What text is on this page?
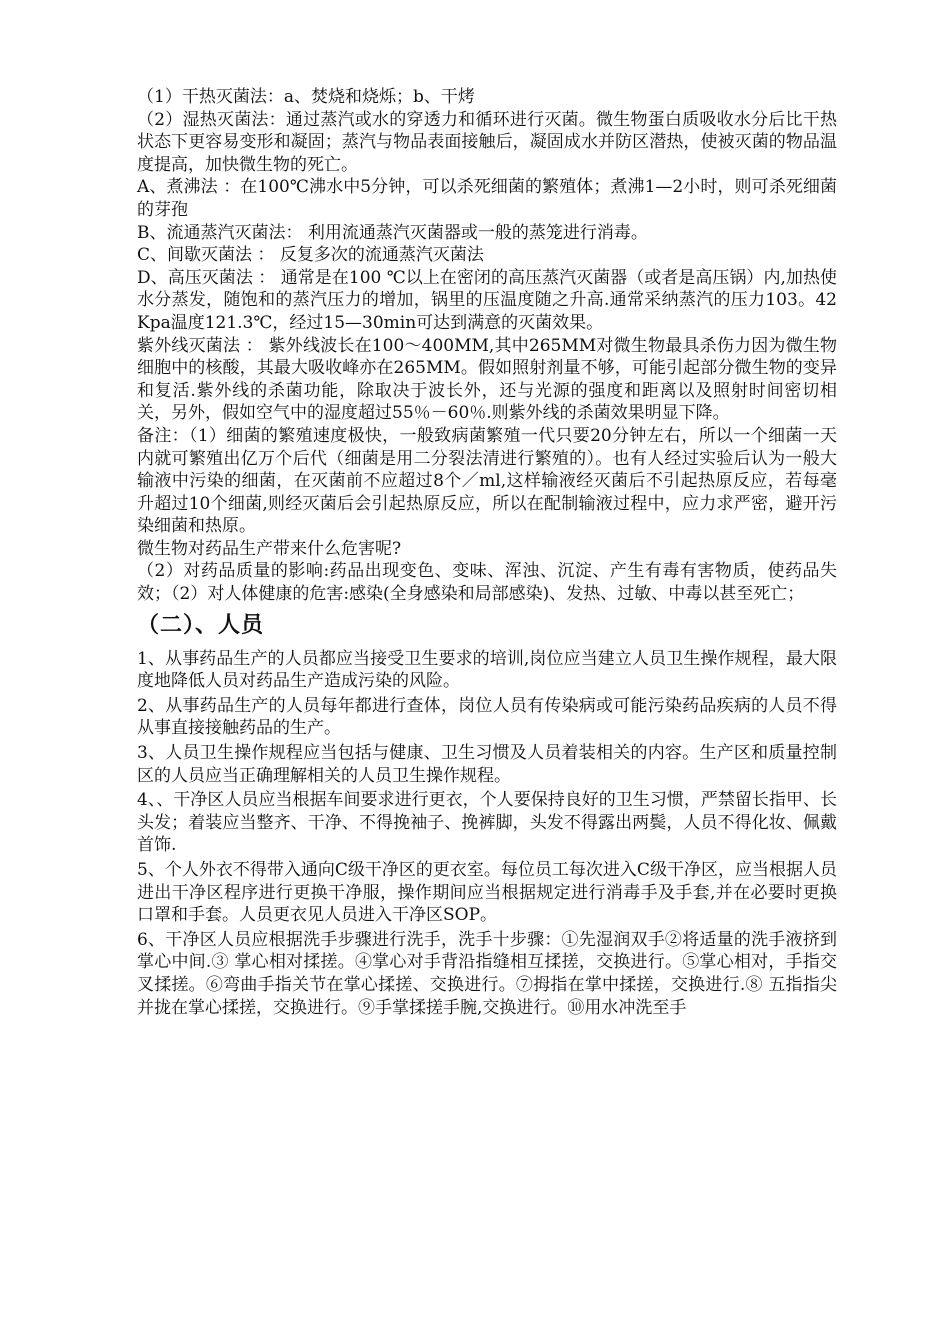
（1）干热灭菌法：a、焚烧和烧烁；b、干烤

（2）湿热灭菌法：通过蒸汽或水的穿透力和循环进行灭菌。微生物蛋白质吸收水分后比干热状态下更容易变形和凝固；蒸汽与物品表面接触后，凝固成水并防区潜热，使被灭菌的物品温度提高，加快微生物的死亡。

A、煮沸法 ：在100℃沸水中5分钟，可以杀死细菌的繁殖体；煮沸1—2小时，则可杀死细菌的芽孢

B、流通蒸汽灭菌法： 利用流通蒸汽灭菌器或一般的蒸笼进行消毒。

C、间歇灭菌法 ： 反复多次的流通蒸汽灭菌法

D、高压灭菌法 ： 通常是在100 ℃以上在密闭的高压蒸汽灭菌器（或者是高压锅）内,加热使水分蒸发，随饱和的蒸汽压力的增加，锅里的压温度随之升高.通常采纳蒸汽的压力103。42Kpa温度121.3℃，经过15—30min可达到满意的灭菌效果。

紫外线灭菌法 ： 紫外线波长在100～400MM,其中265MM对微生物最具杀伤力因为微生物细胞中的核酸，其最大吸收峰亦在265MM。假如照射剂量不够，可能引起部分微生物的变异和复活.紫外线的杀菌功能，除取决于波长外，还与光源的强度和距离以及照射时间密切相关，另外，假如空气中的湿度超过55％－60％.则紫外线的杀菌效果明显下降。

备注：（1）细菌的繁殖速度极快，一般致病菌繁殖一代只要20分钟左右，所以一个细菌一天内就可繁殖出亿万个后代（细菌是用二分裂法清进行繁殖的）。也有人经过实验后认为一般大输液中污染的细菌，在灭菌前不应超过8个／ml,这样输液经灭菌后不引起热原反应，若每毫升超过10个细菌,则经灭菌后会引起热原反应，所以在配制输液过程中，应力求严密，避开污染细菌和热原。

微生物对药品生产带来什么危害呢?

（2）对药品质量的影响:药品出现变色、变味、浑浊、沉淀、产生有毒有害物质，使药品失效；（2）对人体健康的危害:感染(全身感染和局部感染)、发热、过敏、中毒以甚至死亡；

（二）、人员

1、从事药品生产的人员都应当接受卫生要求的培训,岗位应当建立人员卫生操作规程，最大限度地降低人员对药品生产造成污染的风险。

2、从事药品生产的人员每年都进行查体，岗位人员有传染病或可能污染药品疾病的人员不得从事直接接触药品的生产。

3、人员卫生操作规程应当包括与健康、卫生习惯及人员着装相关的内容。生产区和质量控制区的人员应当正确理解相关的人员卫生操作规程。

4、、干净区人员应当根据车间要求进行更衣，个人要保持良好的卫生习惯，严禁留长指甲、长头发；着装应当整齐、干净、不得挽袖子、挽裤脚，头发不得露出两鬓，人员不得化妆、佩戴首饰.

5、个人外衣不得带入通向C级干净区的更衣室。每位员工每次进入C级干净区，应当根据人员进出干净区程序进行更换干净服，操作期间应当根据规定进行消毒手及手套,并在必要时更换口罩和手套。人员更衣见人员进入干净区SOP。

6、干净区人员应根据洗手步骤进行洗手，洗手十步骤：①先湿润双手②将适量的洗手液挤到掌心中间.③ 掌心相对揉搓。④掌心对手背沿指缝相互揉搓，交换进行。⑤掌心相对，手指交叉揉搓。⑥弯曲手指关节在掌心揉搓、交换进行。⑦拇指在掌中揉搓，交换进行.⑧ 五指指尖并拢在掌心揉搓，交换进行。⑨手掌揉搓手腕,交换进行。⑩用水冲洗至手
